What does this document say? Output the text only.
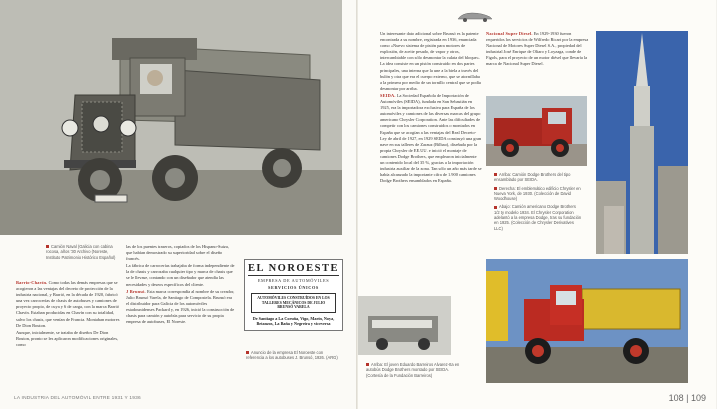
Camión Naval (Galicia con cabina rocosa, años '30 Archivo (Noreste, Instituto Patrimonio Histórico Español)

Barrio-Chavín. Como todas las demás empresas que se acogieron a las ventajas del decreto de protección de la industria nacional, y Barrió, en la década de 1920, fabricó una vez carrocerías de chasis de autobuses y camiones de proyecto propio, de cuya y 6 de carga, con la marca Barrió Chavín. Estaban producidas en Chavín con su totalidad, salvo los chasis, que venían de Francia. Montaban motores De Dion Bouton.

Aunque, inicialmente, se trataba de diseños De Dion Bouton, pronto se les aplicaron modificaciones originales, como

las de los puentes traseros, copiados de los Hispano-Suiza, que habían demostrado su superioridad sobre el diseño francés.

La fábrica de carrocerías trabajaba de forma independiente de la de chasis y carrozaba cualquier tipo y marca de chasis que se le llevase, contando con un diseñador que atendía las necesidades y deseos específicos del cliente.

J Brunsó. Esta marca correspondía al nombre de su creador, Julio Brunsó Varela, de Santiago de Compostela. Brunsó era el distribuidor para Galicia de los automóviles estadounidenses Packard y, en 1926, inició la construcción de chasis para camión y autobús para servicio de su propia empresa de autobuses, El Noreste.

EL NOROESTE
EMPRESA DE AUTOMÓVILES
SERVICIOS ÚNICOS
AUTOMÓVILES CONSTRUÍDOS EN LOS TALLERES MECÁNICOS DE JULIO BRUNSÓ VARELA
De Santiago a La Coruña, Vigo, Marín, Noya, Betanzos, La Baña y Negreira y viceversa
Anuncio de la empresa El Noroeste con referencia a los autobuses J. Brunsó, 1926. (ARG)
LA INDUSTRIA DEL AUTOMÓVIL ENTRE 1931 Y 1936

Un interesante dato adicional sobre Brunsó es la patente encontrada a su nombre, registrada en 1936, enunciada como «Nuevo sistema de pistón para motores de explosión, de aceite pesado, de vapor y otros, intercambiable con sólo desmontar la culata del bloque». La idea consiste en un pistón construido en dos partes principales, una interna que la une a la biela a través del bulón y otra que era el cuerpo externo, que se atornillaba a la primera por medio de un tornillo central que se podía desmontar por arriba.

SEIDA. La Sociedad Española de Importación de Automóviles (SEIDA), fundada en San Sebastián en 1925, era la importadora exclusiva para España de los automóviles y camiones de las diversas marcas del grupo americano Chrysler Corporation. Ante las dificultades de competir con los camiones construidos o montados en España que se acogían a las ventajas del Real Decreto-Ley de abril de 1927, en 1929 SEIDA construyó una gran nave en sus talleres de Zarauz (Bilbao), diseñada por la propia Chrysler de EE.UU. e inició el montaje de camiones Dodge Brothers, que emplearon inicialmente un contenido local del 35 %, gracias a la importación industria auxiliar de la zona. Tan sólo un año más tarde se había alcanzado la importante cifra de 1.900 camiones Dodge Brothers ensamblados en España.

Nacional Super Diesel. En 1929-1930 fueron requeridos los servicios de Wilfredo Ricart por la empresa Nacional de Motores Super Diesel S.A., propiedad del industrial José Enrique de Oliaro y Loyzaga, conde de Figols, para el proyecto de un motor diésel que llevaría la marca de Nacional Super Diesel.

Arriba: Camión Dodge Brothers del tipo ensamblado por SEIDA.

Derecha: El emblemático edificio Chrysler en Nueva York, de 1930. (Colección de David Woodhouse)

Abajo: Camión americano Dodge Brothers 1/2 ty modelo 1934. El Chrysler Corporation adelantó a la empresa Dodge, tras su fundación en 1925. (Colección de Chrysler Derivatives LLC)

Arriba: El joven Eduardo Barreiros Alvarez-Ita en autobús Dodge Brothers montado por SEIDA. (Cortesía de la Fundación Barreiros)
108 | 109
